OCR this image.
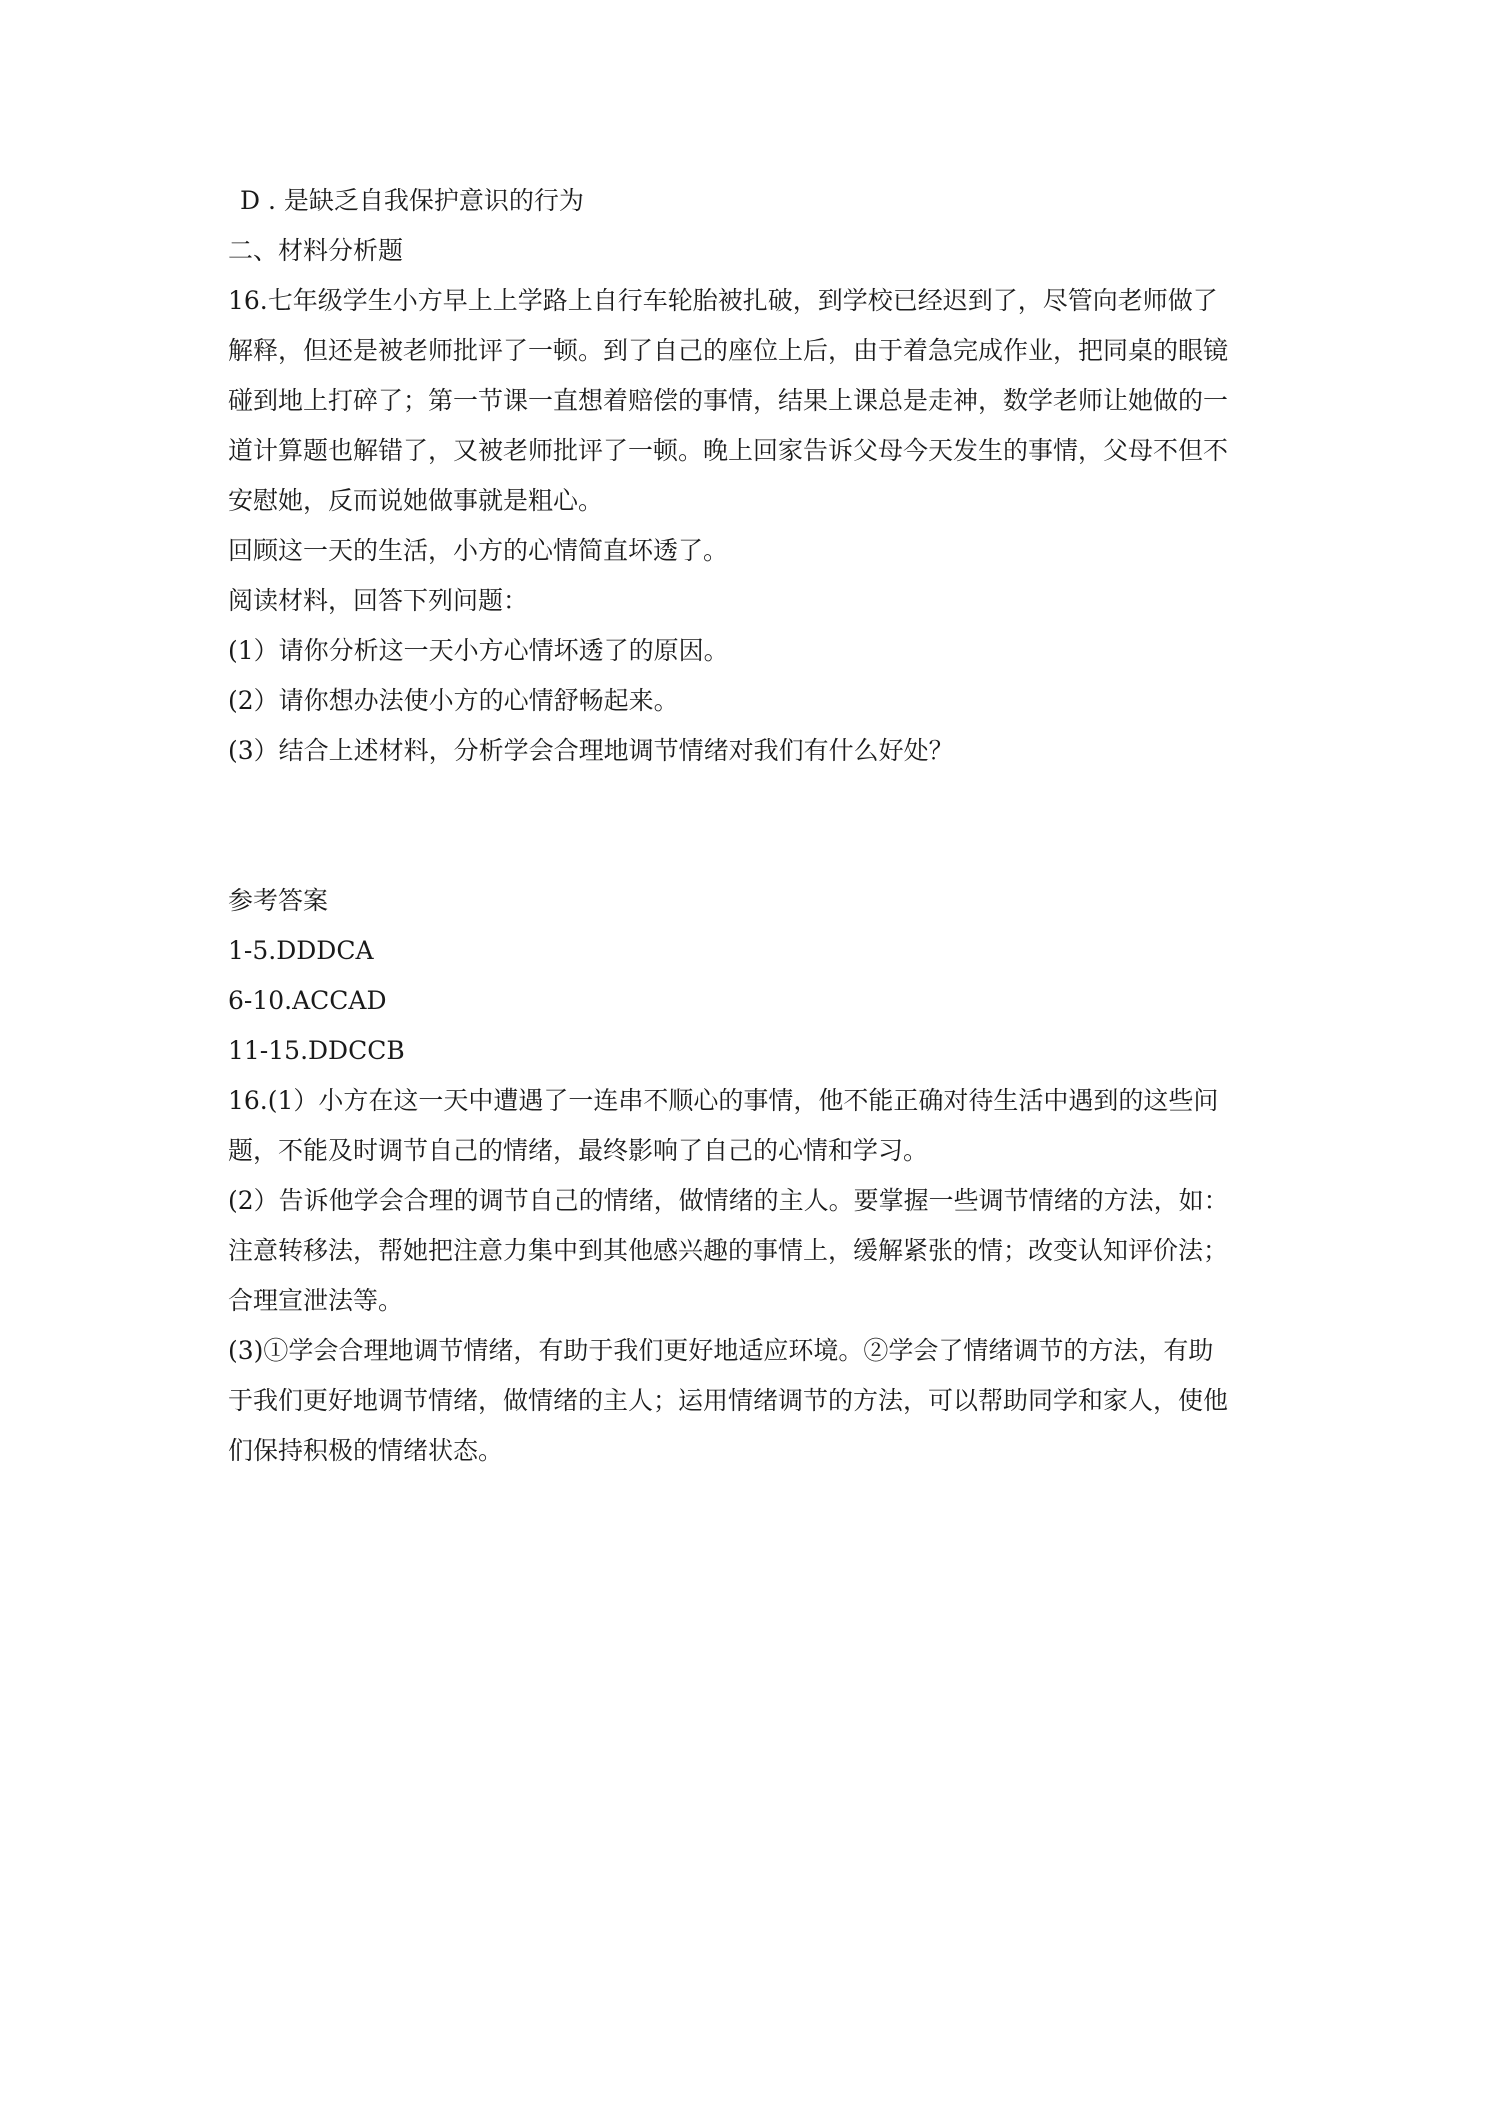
D . 是缺乏自我保护意识的行为
二、材料分析题
16.七年级学生小方早上上学路上自行车轮胎被扎破，到学校已经迟到了，尽管向老师做了
解释，但还是被老师批评了一顿。到了自己的座位上后，由于着急完成作业，把同桌的眼镜
碰到地上打碎了；第一节课一直想着赔偿的事情，结果上课总是走神，数学老师让她做的一
道计算题也解错了，又被老师批评了一顿。晚上回家告诉父母今天发生的事情，父母不但不
安慰她，反而说她做事就是粗心。
回顾这一天的生活，小方的心情简直坏透了。
阅读材料，回答下列问题：
(1）请你分析这一天小方心情坏透了的原因。
(2）请你想办法使小方的心情舒畅起来。
(3）结合上述材料，分析学会合理地调节情绪对我们有什么好处？
参考答案
1-5.DDDCA
6-10.ACCAD
11-15.DDCCB
16.(1）小方在这一天中遭遇了一连串不顺心的事情，他不能正确对待生活中遇到的这些问
题，不能及时调节自己的情绪，最终影响了自己的心情和学习。
(2）告诉他学会合理的调节自己的情绪，做情绪的主人。要掌握一些调节情绪的方法，如：
注意转移法，帮她把注意力集中到其他感兴趣的事情上，缓解紧张的情；改变认知评价法；
合理宣泄法等。
(3)①学会合理地调节情绪，有助于我们更好地适应环境。②学会了情绪调节的方法，有助
于我们更好地调节情绪，做情绪的主人；运用情绪调节的方法，可以帮助同学和家人，使他
们保持积极的情绪状态。
